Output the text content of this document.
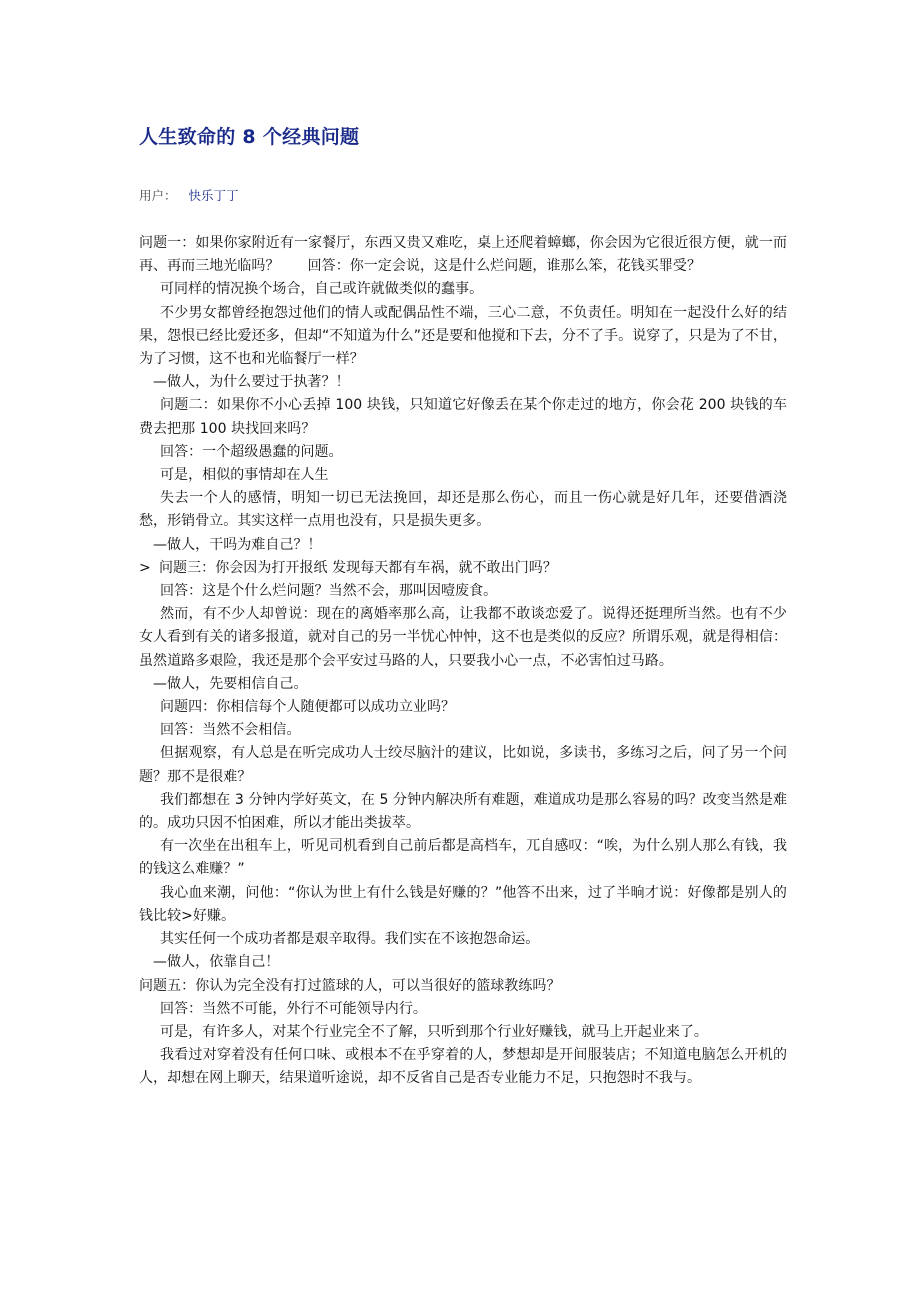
人生致命的 8 个经典问题
用户： 快乐丁丁

问题一：如果你家附近有一家餐厅，东西又贵又难吃，桌上还爬着蟑螂，你会因为它很近很方便，就一而再、再而三地光临吗？　　回答：你一定会说，这是什么烂问题，谁那么笨，花钱买罪受？

可同样的情况换个场合，自己或许就做类似的蠢事。

不少男女都曾经抱怨过他们的情人或配偶品性不端，三心二意，不负责任。明知在一起没什么好的结果，怨恨已经比爱还多，但却“不知道为什么”还是要和他搅和下去，分不了手。说穿了，只是为了不甘，为了习惯，这不也和光临餐厅一样？

—做人，为什么要过于执著？！

问题二：如果你不小心丢掉 100 块钱，只知道它好像丢在某个你走过的地方，你会花 200 块钱的车费去把那 100 块找回来吗？

回答：一个超级愚蠢的问题。

可是，相似的事情却在人生

失去一个人的感情，明知一切已无法挽回，却还是那么伤心，而且一伤心就是好几年，还要借酒浇愁，形销骨立。其实这样一点用也没有，只是损失更多。

—做人，干吗为难自己？！

> 问题三：你会因为打开报纸 发现每天都有车祸，就不敢出门吗？

回答：这是个什么烂问题？当然不会，那叫因噎废食。

然而，有不少人却曾说：现在的离婚率那么高，让我都不敢谈恋爱了。说得还挺理所当然。也有不少女人看到有关的诸多报道，就对自己的另一半忧心忡忡，这不也是类似的反应？所谓乐观，就是得相信：虽然道路多艰险，我还是那个会平安过马路的人，只要我小心一点，不必害怕过马路。

—做人，先要相信自己。

问题四：你相信每个人随便都可以成功立业吗？

回答：当然不会相信。

但据观察，有人总是在听完成功人士绞尽脑汁的建议，比如说，多读书，多练习之后，问了另一个问题？那不是很难？

我们都想在 3 分钟内学好英文，在 5 分钟内解决所有难题，难道成功是那么容易的吗？改变当然是难的。成功只因不怕困难，所以才能出类拔萃。

有一次坐在出租车上，听见司机看到自己前后都是高档车，兀自感叹：“唉，为什么别人那么有钱，我的钱这么难赚？”

我心血来潮，问他：“你认为世上有什么钱是好赚的？”他答不出来，过了半晌才说：好像都是别人的钱比较>好赚。

其实任何一个成功者都是艰辛取得。我们实在不该抱怨命运。

—做人，依靠自己！

问题五：你认为完全没有打过篮球的人，可以当很好的篮球教练吗？

回答：当然不可能，外行不可能领导内行。

可是，有许多人，对某个行业完全不了解，只听到那个行业好赚钱，就马上开起业来了。

我看过对穿着没有任何口味、或根本不在乎穿着的人，梦想却是开间服装店；不知道电脑怎么开机的人，却想在网上聊天，结果道听途说，却不反省自己是否专业能力不足，只抱怨时不我与。
